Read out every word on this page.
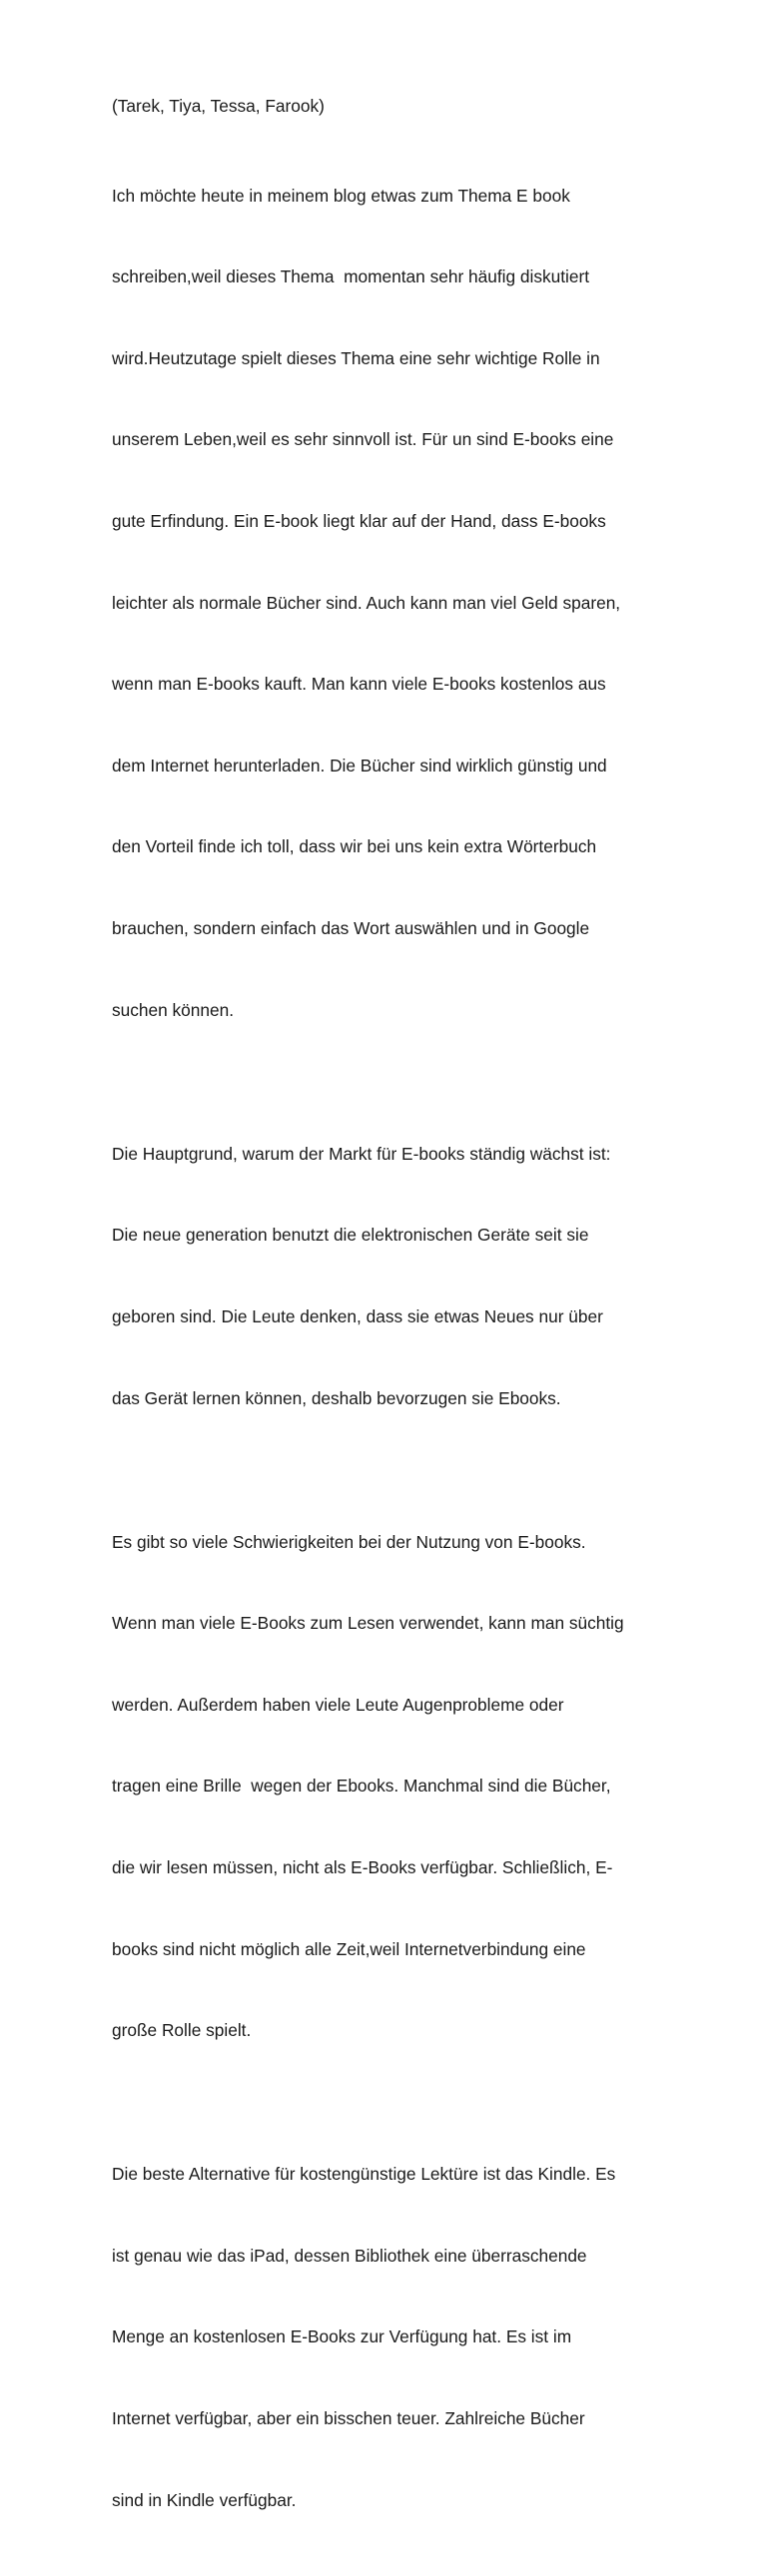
(Tarek, Tiya, Tessa, Farook)

Ich möchte heute in meinem blog etwas zum Thema E book

schreiben,weil dieses Thema  momentan sehr häufig diskutiert

wird.Heutzutage spielt dieses Thema eine sehr wichtige Rolle in

unserem Leben,weil es sehr sinnvoll ist. Für un sind E-books eine

gute Erfindung. Ein E-book liegt klar auf der Hand, dass E-books

leichter als normale Bücher sind. Auch kann man viel Geld sparen,

wenn man E-books kauft. Man kann viele E-books kostenlos aus

dem Internet herunterladen. Die Bücher sind wirklich günstig und

den Vorteil finde ich toll, dass wir bei uns kein extra Wörterbuch

brauchen, sondern einfach das Wort auswählen und in Google

suchen können.

Die Hauptgrund, warum der Markt für E-books ständig wächst ist:

Die neue generation benutzt die elektronischen Geräte seit sie

geboren sind. Die Leute denken, dass sie etwas Neues nur über

das Gerät lernen können, deshalb bevorzugen sie Ebooks.

Es gibt so viele Schwierigkeiten bei der Nutzung von E-books.

Wenn man viele E-Books zum Lesen verwendet, kann man süchtig

werden. Außerdem haben viele Leute Augenprobleme oder

tragen eine Brille  wegen der Ebooks. Manchmal sind die Bücher,

die wir lesen müssen, nicht als E-Books verfügbar. Schließlich, E-

books sind nicht möglich alle Zeit,weil Internetverbindung eine

große Rolle spielt.

Die beste Alternative für kostengünstige Lektüre ist das Kindle. Es

ist genau wie das iPad, dessen Bibliothek eine überraschende

Menge an kostenlosen E-Books zur Verfügung hat. Es ist im

Internet verfügbar, aber ein bisschen teuer. Zahlreiche Bücher

sind in Kindle verfügbar.
